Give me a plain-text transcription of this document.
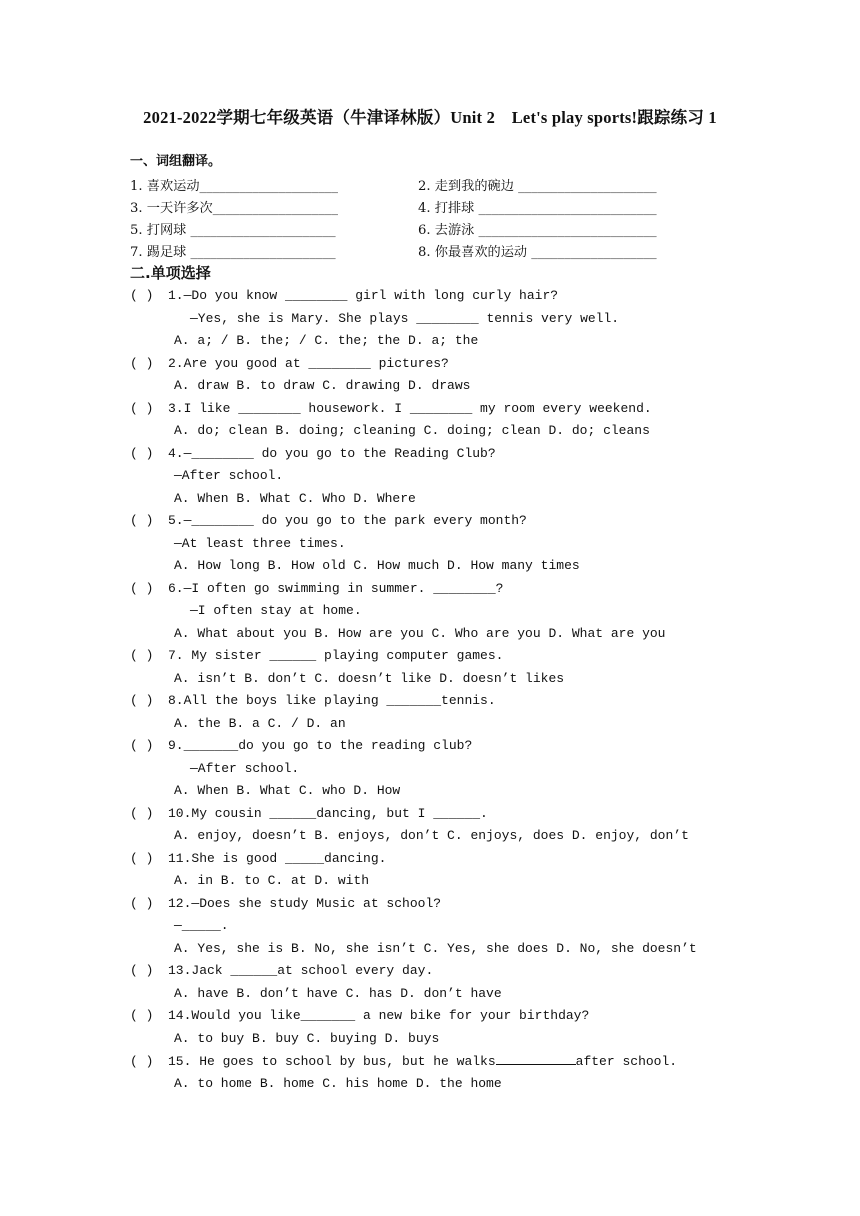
2021-2022学期七年级英语（牛津译林版）Unit 2　Let's play sports!跟踪练习 1
一、词组翻译。
1. 喜欢运动_____________________	2. 走到我的碗边 _____________________
3. 一天许多次___________________	4. 打排球 ___________________________
5. 打网球 ______________________	6. 去游泳 ___________________________
7. 踢足球 ______________________	8. 你最喜欢的运动 ___________________
二.单项选择
( ) 1.—Do you know ________ girl with long curly hair?
—Yes, she is Mary. She plays ________ tennis very well.
A. a; / B. the; / C. the; the D. a; the
( ) 2.Are you good at ________ pictures?
A. draw B. to draw C. drawing D. draws
( ) 3.I like ________ housework. I ________ my room every weekend.
A. do; clean B. doing; cleaning C. doing; clean D. do; cleans
( ) 4.—________ do you go to the Reading Club?
—After school.
A. When B. What C. Who D. Where
( ) 5.—________ do you go to the park every month?
—At least three times.
A. How long B. How old C. How much D. How many times
( ) 6.—I often go swimming in summer. ________?
—I often stay at home.
A. What about you B. How are you C. Who are you D. What are you
( ) 7. My sister ______ playing computer games.
A. isn’t B. don’t C. doesn’t like D. doesn’t likes
( ) 8.All the boys like playing _______tennis.
A. the B. a C. / D. an
( ) 9._______do you go to the reading club?
—After school.
A. When B. What C. who D. How
( ) 10.My cousin ______dancing, but I ______.
A. enjoy, doesn’t B. enjoys, don’t C. enjoys, does D. enjoy, don’t
( ) 11.She is good _____dancing.
A. in B. to C. at D. with
( ) 12.—Does she study Music at school?
—_____.
A. Yes, she is B. No, she isn’t C. Yes, she does D. No, she doesn’t
( ) 13.Jack ______at school every day.
A. have B. don’t have C. has D. don’t have
( ) 14.Would you like_______ a new bike for your birthday?
A. to buy B. buy C. buying D. buys
( ) 15. He goes to school by bus, but he walks	after school.
A. to home B. home C. his home D. the home
